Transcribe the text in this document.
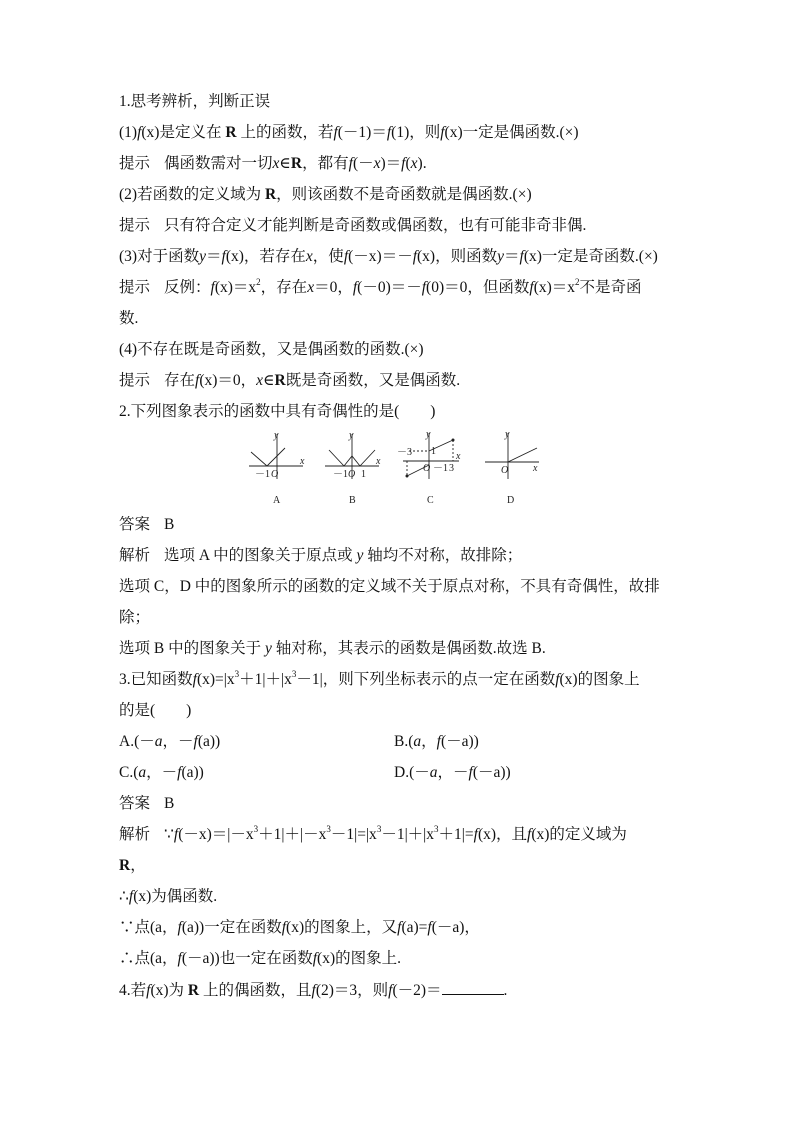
1.思考辨析，判断正误
(1)f(x)是定义在 R 上的函数，若f(－1)＝f(1)，则f(x)一定是偶函数.(×)
提示 偶函数需对一切x∈R，都有f(－x)＝f(x).
(2)若函数的定义域为 R，则该函数不是奇函数就是偶函数.(×)
提示 只有符合定义才能判断是奇函数或偶函数，也有可能非奇非偶.
(3)对于函数y＝f(x)，若存在x，使f(－x)＝－f(x)，则函数y＝f(x)一定是奇函数.(×)
提示 反例：$f(x)=x^2$，存在x＝0，f(－0)＝－f(0)＝0，但函数$f(x)=x^2$不是奇函
数.
(4)不存在既是奇函数，又是偶函数的函数.(×)
提示 存在f(x)＝0，x∈R既是奇函数，又是偶函数.
2.下列图象表示的函数中具有奇偶性的是(　　)
y
x
－1 O
A
y
x
－1 O 1
B
y
x
－3 1
O －1 3
C
y
x
O
D
答案 B
解析 选项 A 中的图象关于原点或 y 轴均不对称，故排除；
选项 C，D 中的图象所示的函数的定义域不关于原点对称，不具有奇偶性，故排
除；
选项 B 中的图象关于 y 轴对称，其表示的函数是偶函数.故选 B.
3.已知函数$f(x)=|x^3+1|+|x^3-1|$，则下列坐标表示的点一定在函数f(x)的图象上
的是(　　)
A.(－a，－f(a))	B.(a，f(－a))
C.(a，－f(a))	D.(－a，－f(－a))
答案 B
解析 $\because f(-x)=|-x^3+1|+|-x^3-1|=|x^3-1|+|x^3+1|=f(x)$，且f(x)的定义域为
R，
∴f(x)为偶函数.
∵点(a，f(a))一定在函数f(x)的图象上，又f(a)=f(－a)，
∴点(a，f(－a))也一定在函数f(x)的图象上.
4.若f(x)为 R 上的偶函数，且f(2)＝3，则f(－2)＝	.
